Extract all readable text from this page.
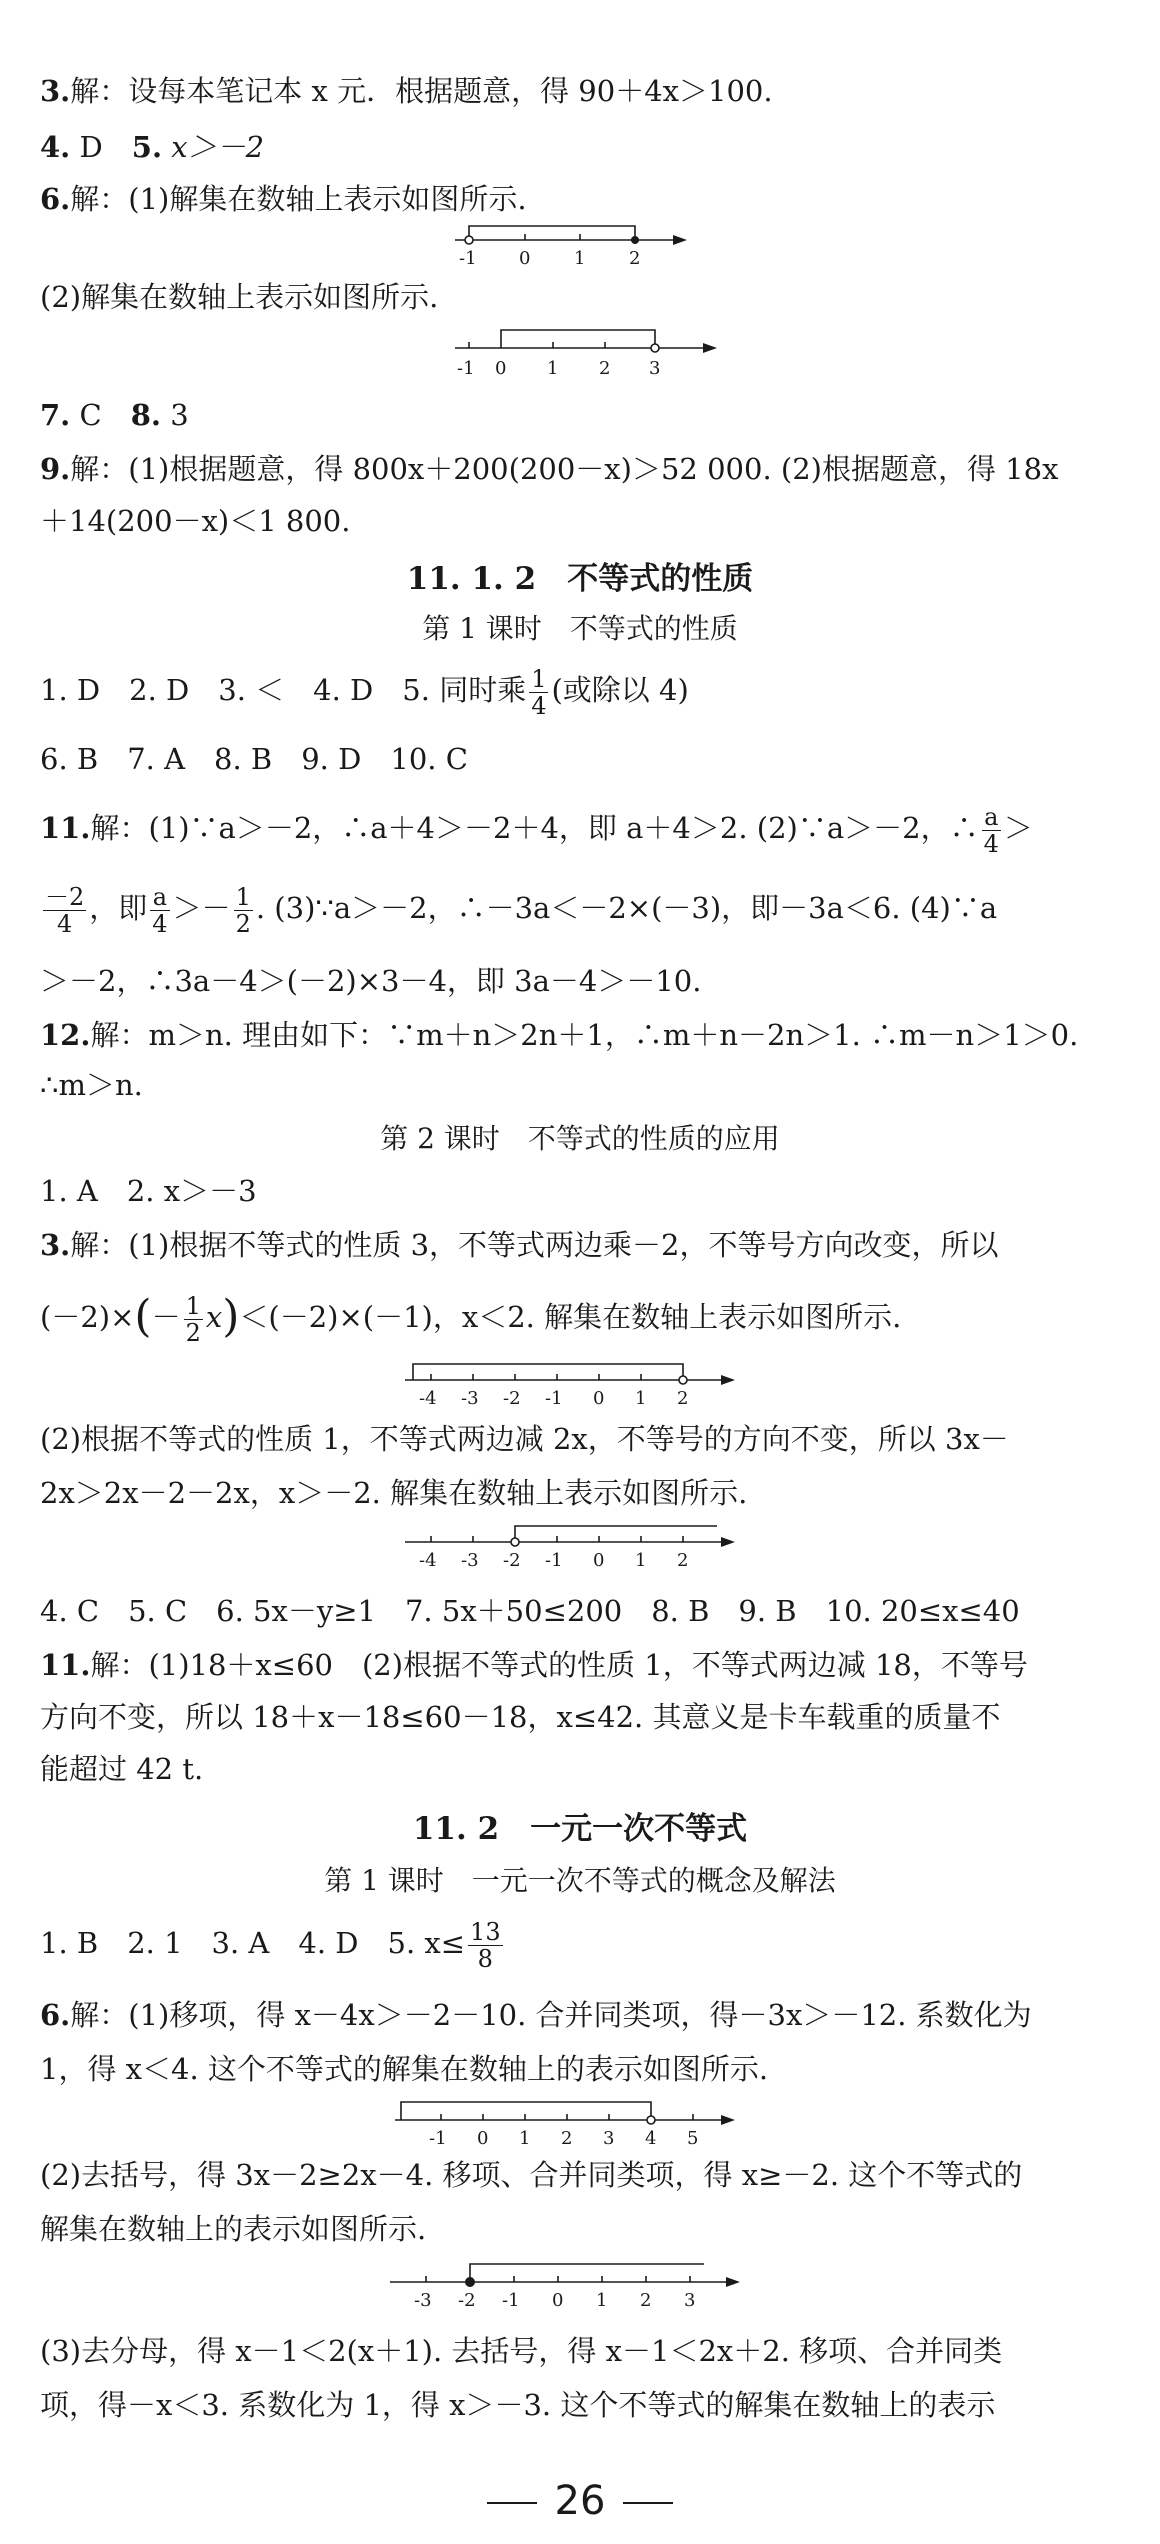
3.解：设每本笔记本 x 元．根据题意，得 90＋4x＞100.
4. D　 5. x＞－2
6.解：(1)解集在数轴上表示如图所示.
-1 0 1 2
(2)解集在数轴上表示如图所示.
-1 0 1 2 3
7. C　 8. 3
9.解：(1)根据题意，得 800x＋200(200－x)＞52 000. (2)根据题意，得 18x
＋14(200－x)＜1 800.
11. 1. 2　不等式的性质
第 1 课时　不等式的性质
1. D　2. D　3. ＜　4. D　5. 同时乘 $\frac{1}{4}$ (或除以 4)
6. B　7. A　8. B　9. D　10. C
11.解：(1)∵a＞－2，∴a＋4＞－2＋4，即 a＋4＞2. (2)∵a＞－2，∴ $\frac{a}{4}$ ＞
$\frac{-2}{4}$ ，即 $\frac{a}{4} >- \frac{1}{2}$ . (3)∵a＞－2，∴－3a＜－2×(－3)，即－3a＜6. (4)∵a
＞－2，∴3a－4＞(－2)×3－4，即 3a－4＞－10.
12.解：m＞n. 理由如下：∵m＋n＞2n＋1，∴m＋n－2n＞1. ∴m－n＞1＞0.
∴m＞n.
第 2 课时　不等式的性质的应用
1. A　2. x＞－3
3.解：(1)根据不等式的性质 3，不等式两边乘－2，不等号方向改变，所以
$(-2)\times(- \frac{1}{2} x)<(-2)\times(-1)$，x＜2. 解集在数轴上表示如图所示.
-4 -3 -2 -1 0 1 2
(2)根据不等式的性质 1，不等式两边减 2x，不等号的方向不变，所以 3x－
2x＞2x－2－2x，x＞－2. 解集在数轴上表示如图所示.
-4 -3 -2 -1 0 1 2
4. C　5. C　6. 5x－y≥1　7. 5x＋50≤200　8. B　9. B　10. 20≤x≤40
11.解：(1)18＋x≤60　(2)根据不等式的性质 1，不等式两边减 18，不等号
方向不变，所以 18＋x－18≤60－18，x≤42. 其意义是卡车载重的质量不
能超过 42 t.
11. 2　一元一次不等式
第 1 课时　一元一次不等式的概念及解法
1. B　2. 1　3. A　4. D　5. $x\le \frac{13}{8}$
6.解：(1)移项，得 x－4x＞－2－10. 合并同类项，得－3x＞－12. 系数化为
1，得 x＜4. 这个不等式的解集在数轴上的表示如图所示.
-1 0 1 2 3 4 5
(2)去括号，得 3x－2≥2x－4. 移项、合并同类项，得 x≥－2. 这个不等式的
解集在数轴上的表示如图所示.
-3 -2 -1 0 1 2 3
(3)去分母，得 x－1＜2(x＋1). 去括号，得 x－1＜2x＋2. 移项、合并同类
项，得－x＜3. 系数化为 1，得 x＞－3. 这个不等式的解集在数轴上的表示
26
